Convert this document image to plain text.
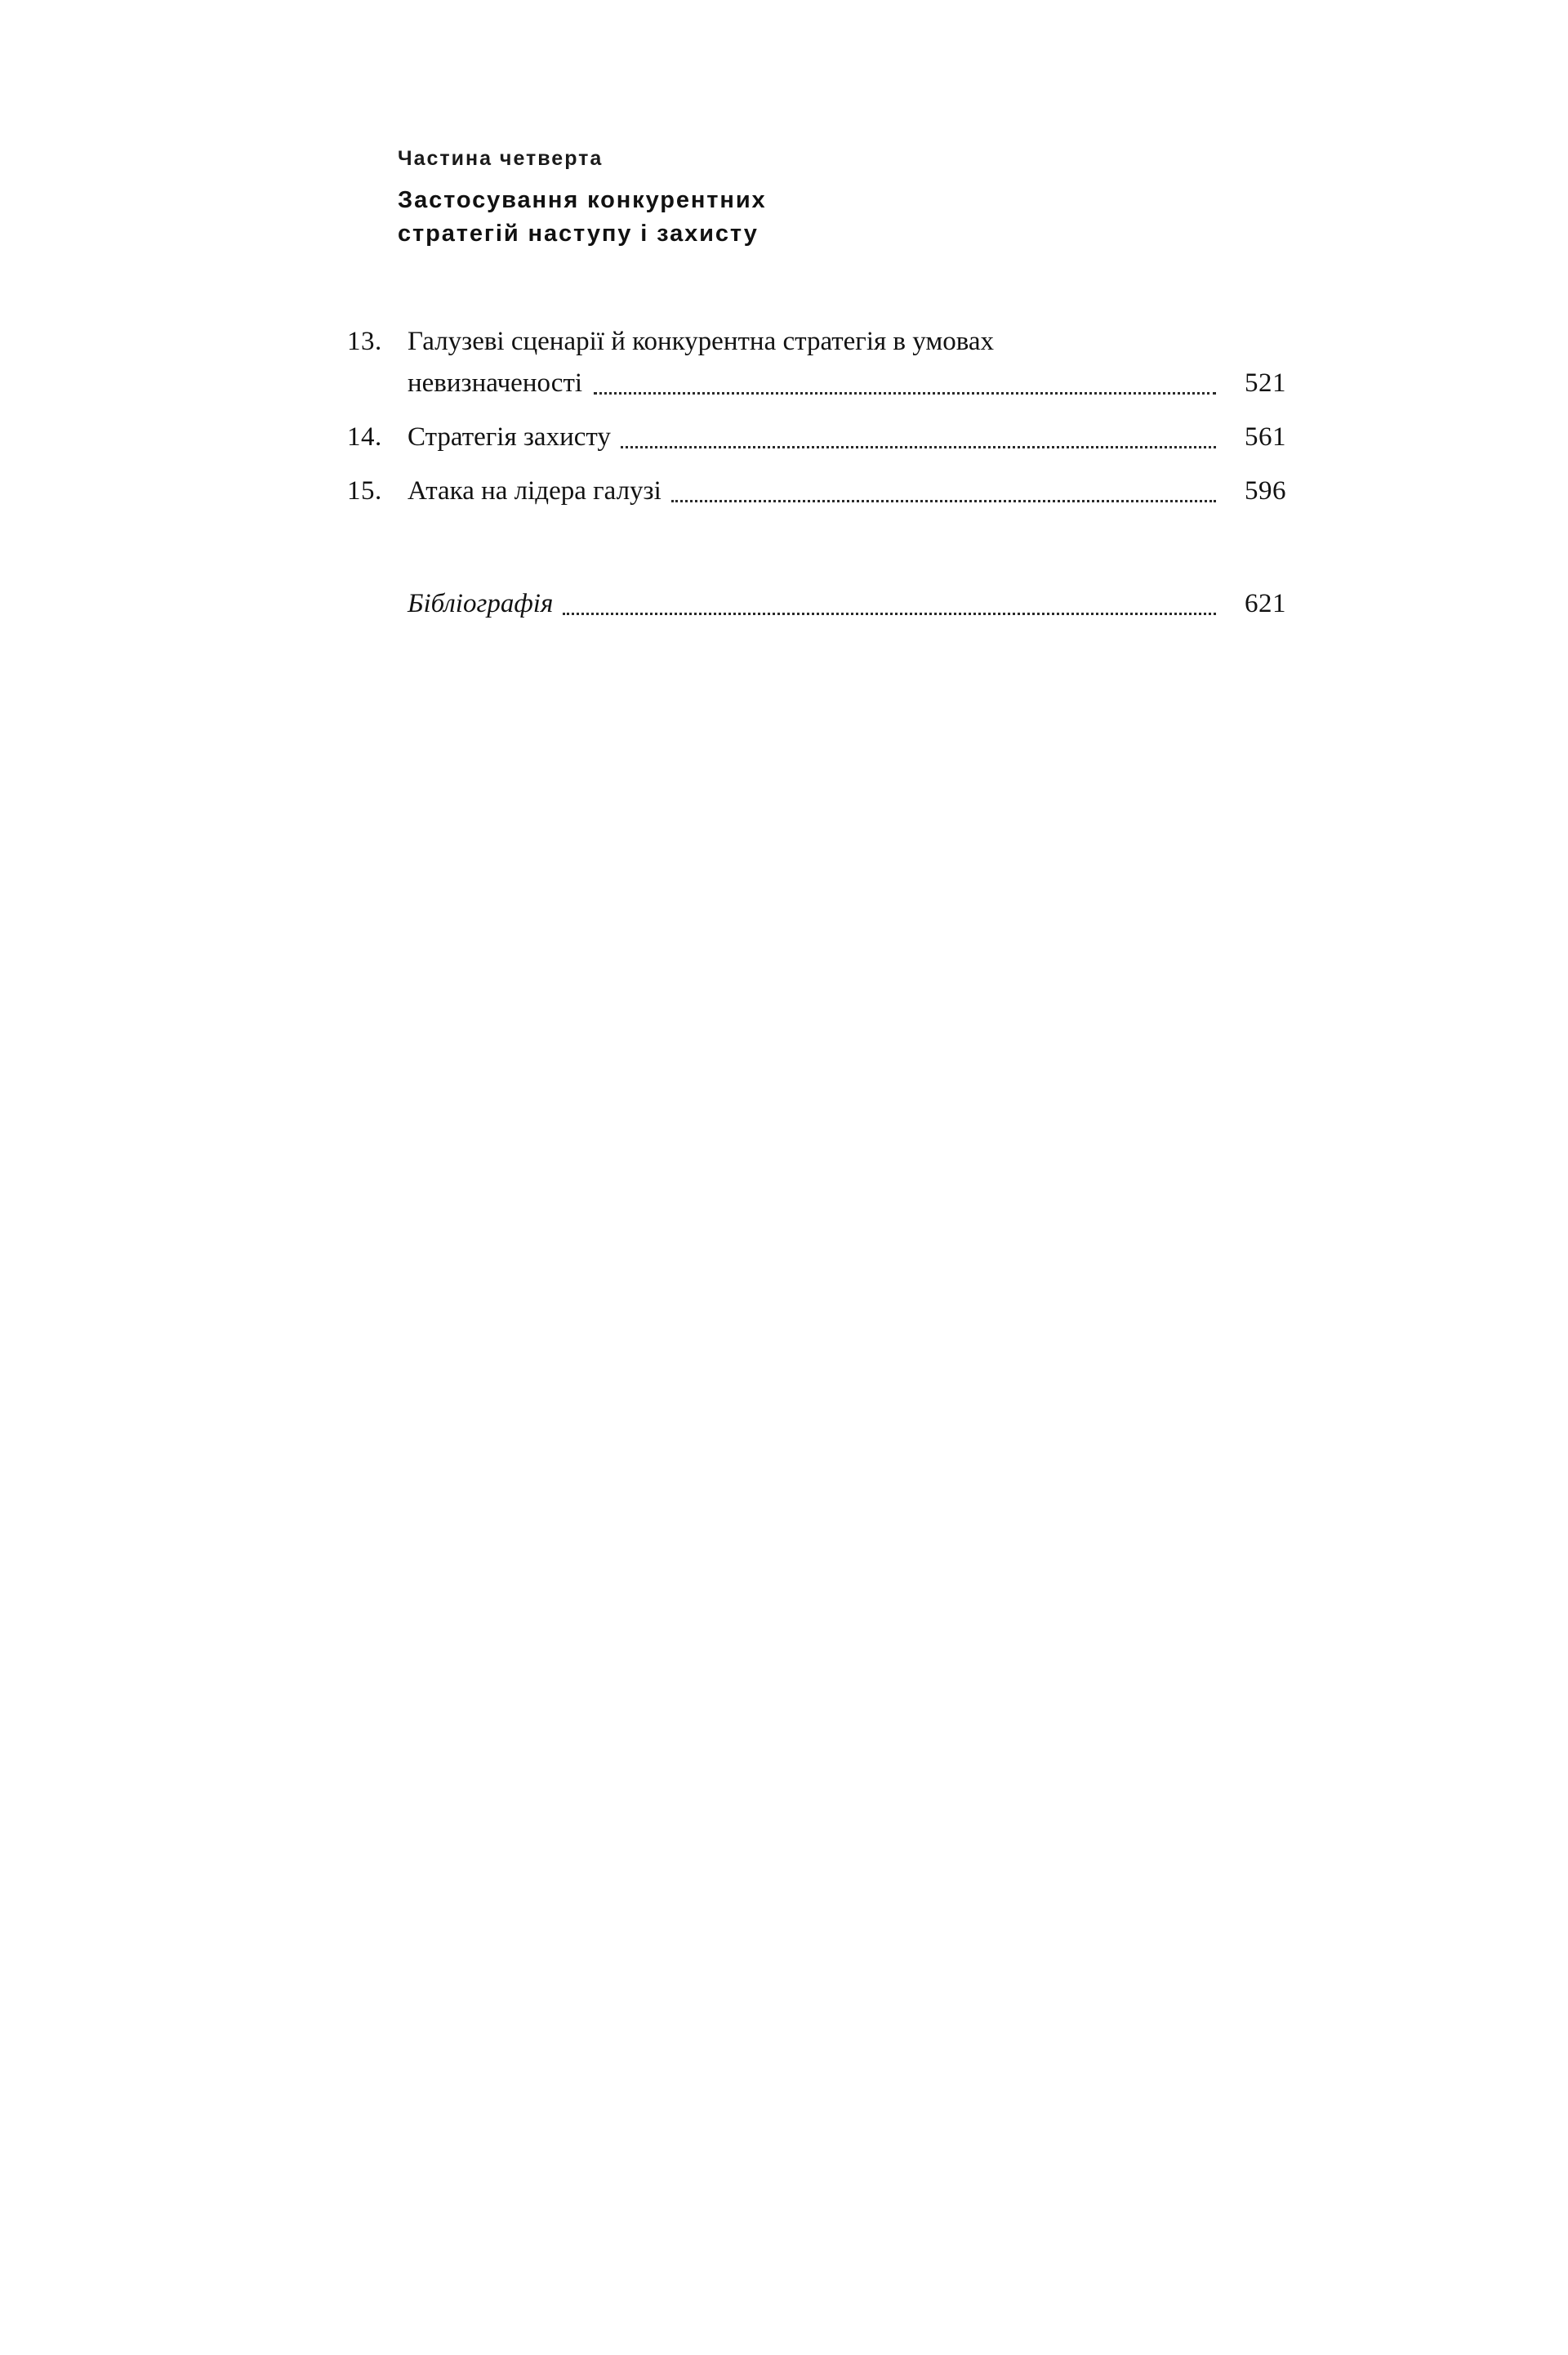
Частина четверта
Застосування конкурентних
стратегій наступу і захисту
13. Галузеві сценарії й конкурентна стратегія в умовах
невизначеності	521
14. Стратегія захисту	561
15. Атака на лідера галузі	596
Бібліографія	621
